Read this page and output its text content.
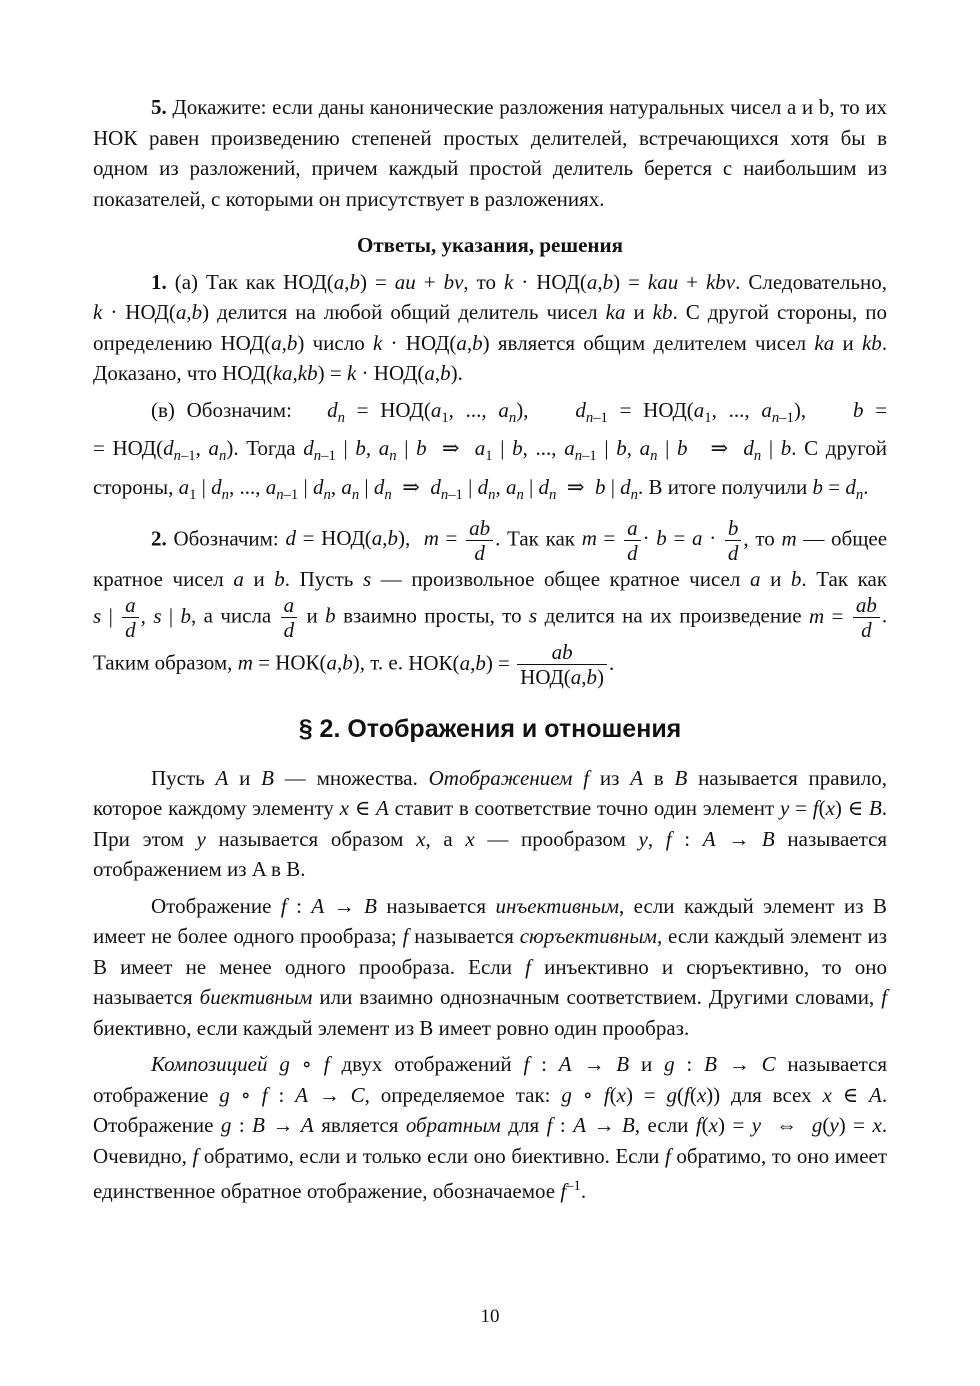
5. Докажите: если даны канонические разложения натуральных чисел a и b, то их НОК равен произведению степеней простых делителей, встречающихся хотя бы в одном из разложений, причем каждый простой делитель берется с наибольшим из показателей, с которыми он присутствует в разложениях.

Ответы, указания, решения

1. (а) Так как НОД(a,b) = au + bv, то k · НОД(a,b) = kau + kbv. Следовательно, k · НОД(a,b) делится на любой общий делитель чисел ka и kb. С другой стороны, по определению НОД(a,b) число k · НОД(a,b) является общим делителем чисел ka и kb. Доказано, что НОД(ka,kb) = k · НОД(a,b).

(в) Обозначим: $d_n = НОД(a_1$, ..., $a_n$), $d_{n-1} = НОД(a_1$, ..., $a_{n-1}$), b = = $НОД(d_{n-1}$, $a_n$). Тогда $d_{n-1}$ | b, $a_n$ | b  ⇒  $a_1$ | b, ..., $a_{n-1}$ | b, $a_n$ | b   ⇒  $d_n$ | b. С другой стороны, $a_1$ | $d_n$, ..., $a_{n-1}$ | $d_n$, $a_n$ | $d_n$  ⇒  $d_{n-1}$ | $d_n$, $a_n$ | $d_n$  ⇒  b | $d_n$. В итоге получили $b = d_n$.

2. Обозначим: d = НОД(a,b),  $m = \frac{ab}{d}$ . Так как $m = \frac{a}{d} \cdot b = a \cdot \frac{b}{d}$ , то m — общее кратное чисел a и b. Пусть s — произвольное общее кратное чисел a и b. Так как s | $\frac{a}{d}$ , s | b, а числа $\frac{a}{d}$ и b взаимно просты, то s делится на их произведение $m = \frac{ab}{d}$ . Таким образом, m = НОК(a,b), т. е. $НОК(a,b) = \frac{ab}{\text{НОД(a,b)}}$ .

§ 2. Отображения и отношения

Пусть A и B — множества. Отображением f из A в B называется правило, которое каждому элементу x ∈ A ставит в соответствие точно один элемент y = f(x) ∈ B. При этом y называется образом x, а x — прообразом y, f : A → B называется отображением из A в B.

Отображение f : A → B называется инъективным, если каждый элемент из B имеет не более одного прообраза; f называется сюръективным, если каждый элемент из B имеет не менее одного прообраза. Если f инъективно и сюръективно, то оно называется биективным или взаимно однозначным соответствием. Другими словами, f биективно, если каждый элемент из B имеет ровно один прообраз.

Композицией g ∘ f двух отображений f : A → B и g : B → C называется отображение g ∘ f : A → C, определяемое так: g ∘ f(x) = g(f(x)) для всех x ∈ A. Отображение g : B → A является обратным для f : A → B, если f(x) = y  ⇔  g(y) = x. Очевидно, f обратимо, если и только если оно биективно. Если f обратимо, то оно имеет единственное обратное отображение, обозначаемое $f^{-1}$.

10
